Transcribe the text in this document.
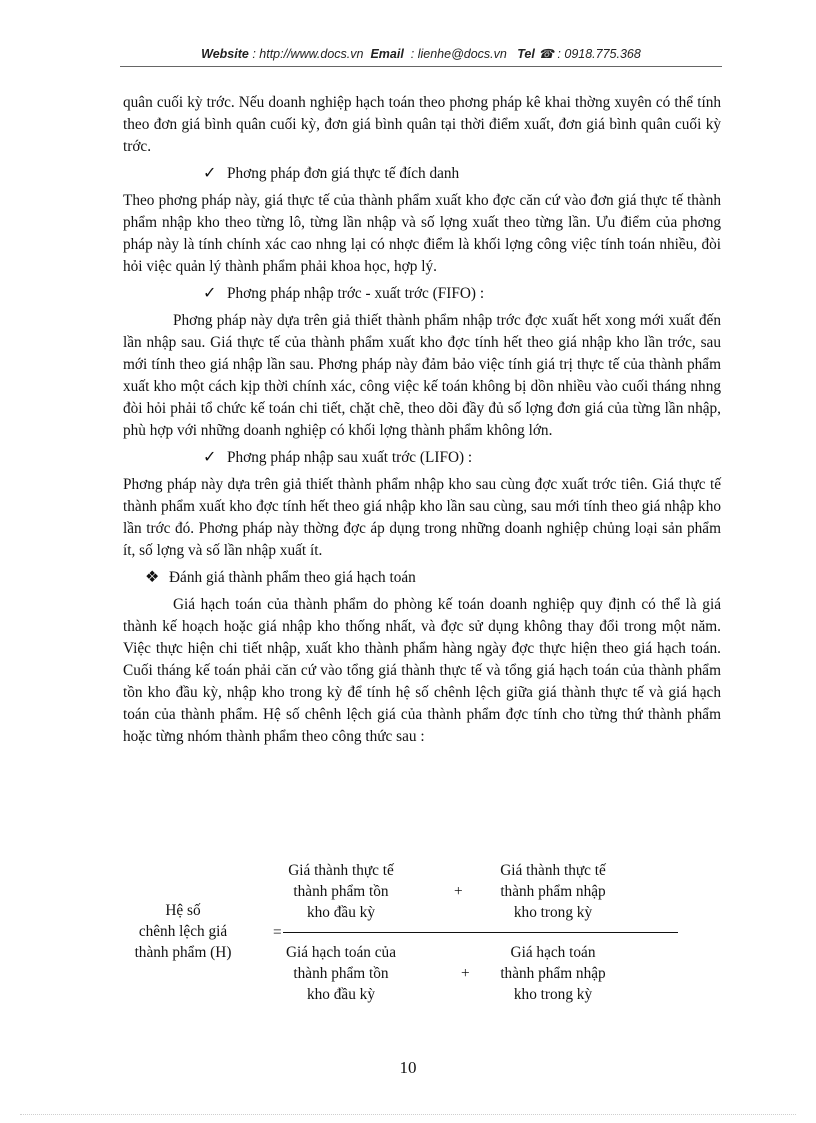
Website : http://www.docs.vn Email : lienhe@docs.vn Tel ☎ : 0918.775.368

quân cuối kỳ trớc. Nếu doanh nghiệp hạch toán theo phơng pháp kê khai thờng xuyên có thể tính theo đơn giá bình quân cuối kỳ, đơn giá bình quân tại thời điểm xuất, đơn giá bình quân cuối kỳ trớc.

✓ Phơng pháp đơn giá thực tế đích danh

Theo phơng pháp này, giá thực tế của thành phẩm xuất kho đợc căn cứ vào đơn giá thực tế thành phẩm nhập kho theo từng lô, từng lần nhập và số lợng xuất theo từng lần. Ưu điểm của phơng pháp này là tính chính xác cao nhng lại có nhợc điểm là khối lợng công việc tính toán nhiều, đòi hỏi việc quản lý thành phẩm phải khoa học, hợp lý.

✓ Phơng pháp nhập trớc - xuất trớc (FIFO) :

Phơng pháp này dựa trên giả thiết thành phẩm nhập trớc đợc xuất hết xong mới xuất đến lần nhập sau. Giá thực tế của thành phẩm xuất kho đợc tính hết theo giá nhập kho lần trớc, sau mới tính theo giá nhập lần sau. Phơng pháp này đảm bảo việc tính giá trị thực tế của thành phẩm xuất kho một cách kịp thời chính xác, công việc kế toán không bị dồn nhiều vào cuối tháng nhng đòi hỏi phải tổ chức kế toán chi tiết, chặt chẽ, theo dõi đầy đủ số lợng đơn giá của từng lần nhập, phù hợp với những doanh nghiệp có khối lợng thành phẩm không lớn.

✓ Phơng pháp nhập sau xuất trớc (LIFO) :

Phơng pháp này dựa trên giả thiết thành phẩm nhập kho sau cùng đợc xuất trớc tiên. Giá thực tế thành phẩm xuất kho đợc tính hết theo giá nhập kho lần sau cùng, sau mới tính theo giá nhập kho lần trớc đó. Phơng pháp này thờng đợc áp dụng trong những doanh nghiệp chủng loại sản phẩm ít, số lợng và số lần nhập xuất ít.

❖ Đánh giá thành phẩm theo giá hạch toán

Giá hạch toán của thành phẩm do phòng kế toán doanh nghiệp quy định có thể là giá thành kế hoạch hoặc giá nhập kho thống nhất, và đợc sử dụng không thay đổi trong một năm. Việc thực hiện chi tiết nhập, xuất kho thành phẩm hàng ngày đợc thực hiện theo giá hạch toán. Cuối tháng kế toán phải căn cứ vào tổng giá thành thực tế và tổng giá hạch toán của thành phẩm tồn kho đầu kỳ, nhập kho trong kỳ để tính hệ số chênh lệch giữa giá thành thực tế và giá hạch toán của thành phẩm. Hệ số chênh lệch giá của thành phẩm đợc tính cho từng thứ thành phẩm hoặc từng nhóm thành phẩm theo công thức sau :

Hệ số
chênh lệch giá
thành phẩm (H)
=
Giá thành thực tế
thành phẩm tồn
kho đầu kỳ
+
Giá thành thực tế
thành phẩm nhập
kho trong kỳ
Giá hạch toán của
thành phẩm tồn
kho đầu kỳ
+
Giá hạch toán
thành phẩm nhập
kho trong kỳ
10
